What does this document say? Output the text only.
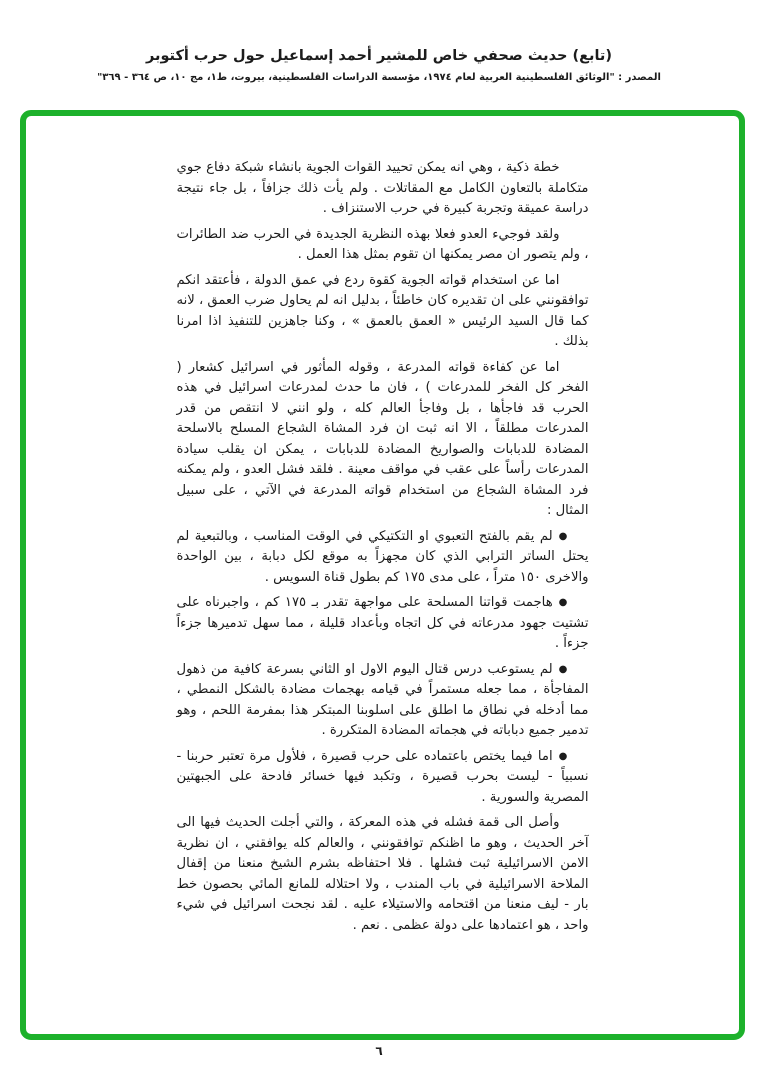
(تابع) حديث صحفي خاص للمشير أحمد إسماعيل حول حرب أكتوبر
المصدر : "الوثائق الفلسطينية العربية لعام ١٩٧٤، مؤسسة الدراسات الفلسطينية، بيروت، ط١، مج ١٠، ص ٣٦٤ - ٣٦٩"

خطة ذكية ، وهي انه يمكن تحييد القوات الجوية بانشاء شبكة دفاع جوي متكاملة بالتعاون الكامل مع المقاتلات . ولم يأت ذلك جزافاً ، بل جاء نتيجة دراسة عميقة وتجربة كبيرة في حرب الاستنزاف .

ولقد فوجيء العدو فعلا بهذه النظرية الجديدة في الحرب ضد الطائرات ، ولم يتصور ان مصر يمكنها ان تقوم بمثل هذا العمل .

اما عن استخدام قواته الجوية كقوة ردع في عمق الدولة ، فأعتقد انكم توافقونني على ان تقديره كان خاطئاً ، بدليل انه لم يحاول ضرب العمق ، لانه كما قال السيد الرئيس « العمق بالعمق » ، وكنا جاهزين للتنفيذ اذا امرنا بذلك .

اما عن كفاءة قواته المدرعة ، وقوله المأثور في اسرائيل كشعار ( الفخر كل الفخر للمدرعات ) ، فان ما حدث لمدرعات اسرائيل في هذه الحرب قد فاجأها ، بل وفاجأ العالم كله ، ولو انني لا انتقص من قدر المدرعات مطلقاً ، الا انه ثبت ان فرد المشاة الشجاع المسلح بالاسلحة المضادة للدبابات والصواريخ المضادة للدبابات ، يمكن ان يقلب سيادة المدرعات رأساً على عقب في مواقف معينة . فلقد فشل العدو ، ولم يمكنه فرد المشاة الشجاع من استخدام قواته المدرعة في الآتي ، على سبيل المثال :

●لم يقم بالفتح التعبوي او التكتيكي في الوقت المناسب ، وبالتبعية لم يحتل الساتر الترابي الذي كان مجهزاً به موقع لكل دبابة ، بين الواحدة والاخرى ١٥٠ متراً ، على مدى ١٧٥ كم بطول قناة السويس .

●هاجمت قواتنا المسلحة على مواجهة تقدر بـ ١٧٥ كم ، واجبرناه على تشتيت جهود مدرعاته في كل اتجاه وبأعداد قليلة ، مما سهل تدميرها جزءاً جزءاً .

●لم يستوعب درس قتال اليوم الاول او الثاني بسرعة كافية من ذهول المفاجأة ، مما جعله مستمراً في قيامه بهجمات مضادة بالشكل النمطي ، مما أدخله في نطاق ما اطلق على اسلوبنا المبتكر هذا بمفرمة اللحم ، وهو تدمير جميع دباباته في هجماته المضادة المتكررة .

●اما فيما يختص باعتماده على حرب قصيرة ، فلأول مرة تعتبر حربنا - نسبياً - ليست بحرب قصيرة ، وتكبد فيها خسائر فادحة على الجبهتين المصرية والسورية .

وأصل الى قمة فشله في هذه المعركة ، والتي أجلت الحديث فيها الى آخر الحديث ، وهو ما اظنكم توافقونني ، والعالم كله يوافقني ، ان نظرية الامن الاسرائيلية ثبت فشلها . فلا احتفاظه بشرم الشيخ منعنا من إقفال الملاحة الاسرائيلية في باب المندب ، ولا احتلاله للمانع المائي بحصون خط بار - ليف منعنا من اقتحامه والاستيلاء عليه . لقد نجحت اسرائيل في شيء واحد ، هو اعتمادها على دولة عظمى . نعم .

٦
